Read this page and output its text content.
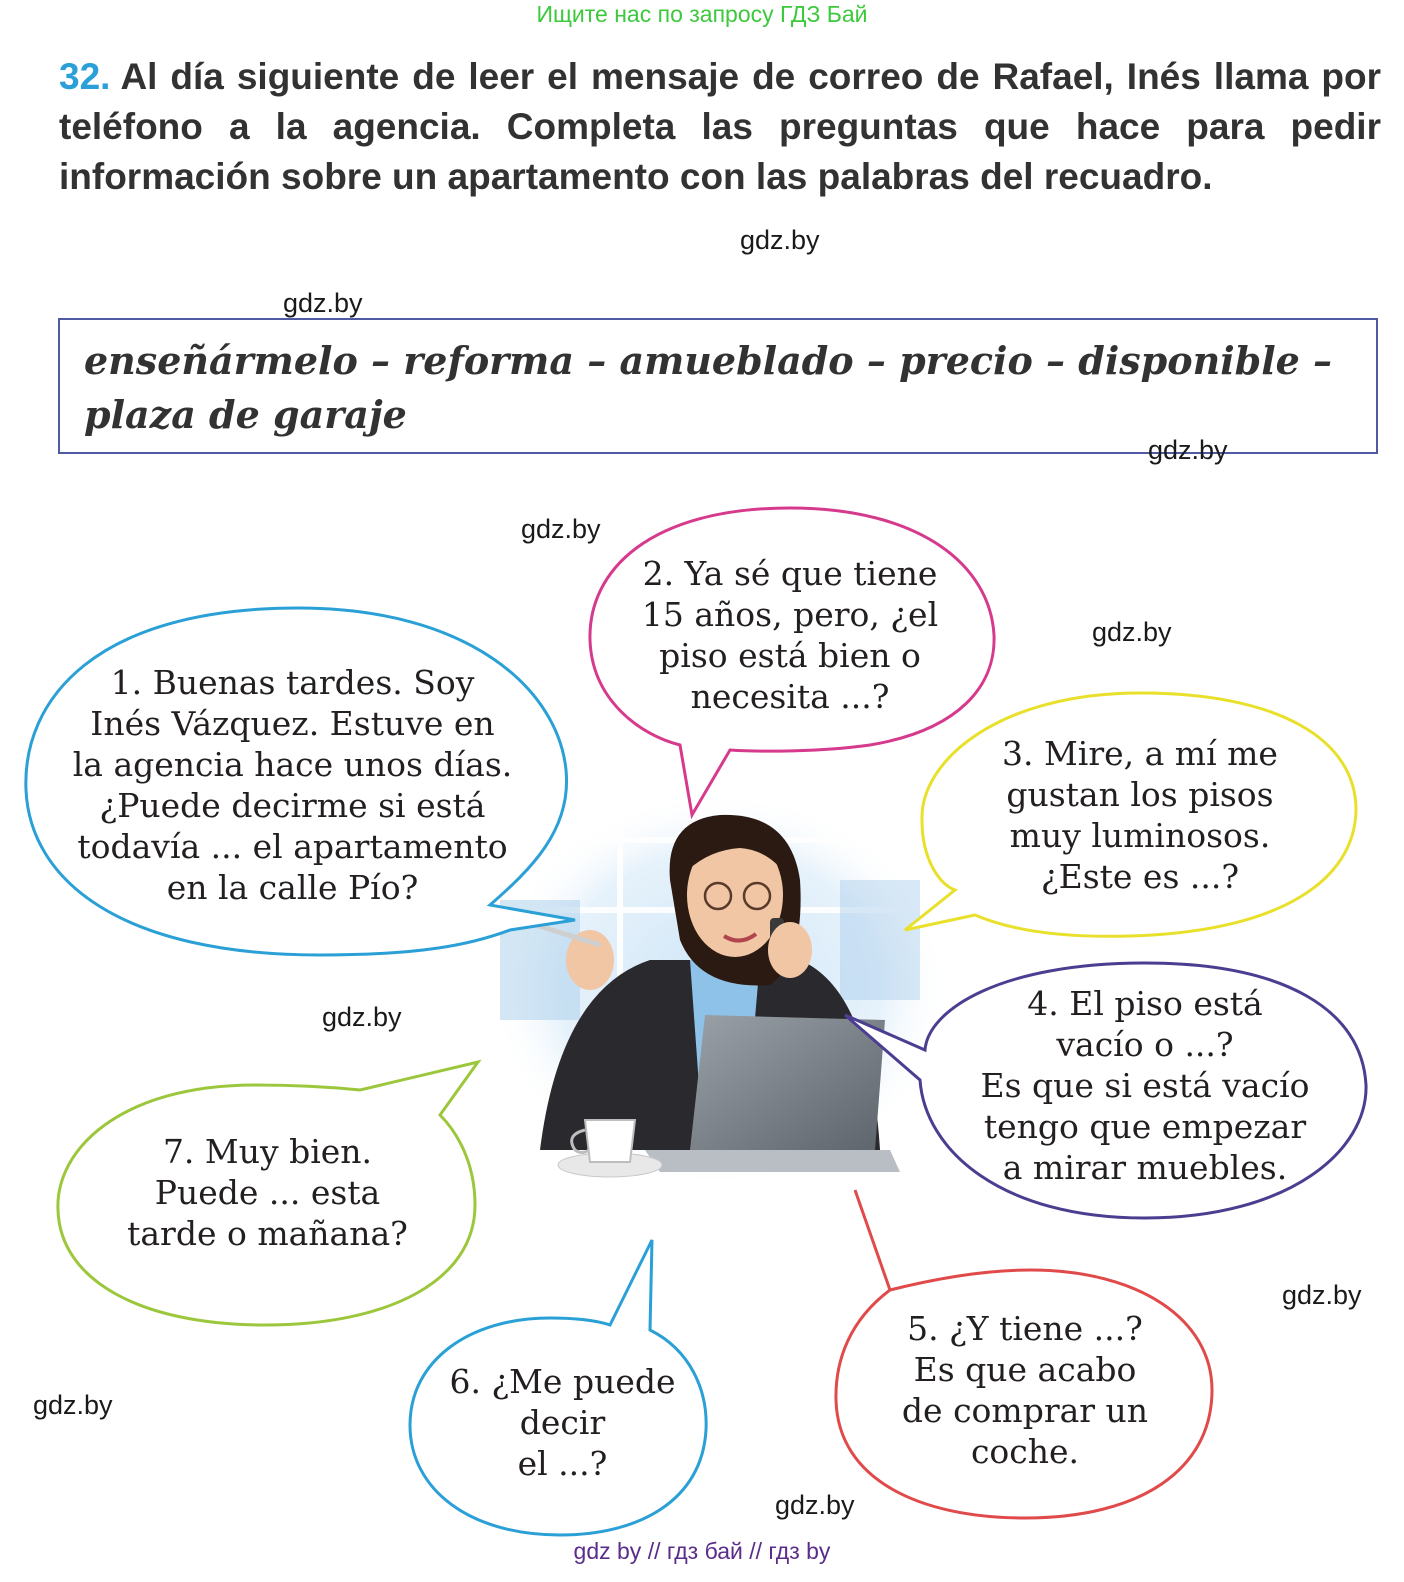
Ищите нас по запросу ГДЗ Бай
32. Al día siguiente de leer el mensaje de correo de Rafael, Inés llama por teléfono a la agencia. Completa las preguntas que hace para pedir información sobre un apartamento con las palabras del recuadro.
enseñármelo – reforma – amueblado – precio – disponible – plaza de garaje
1. Buenas tardes. Soy
Inés Vázquez. Estuve en
la agencia hace unos días.
¿Puede decirme si está
todavía ... el apartamento
en la calle Pío?
2. Ya sé que tiene
15 años, pero, ¿el
piso está bien o
necesita ...?
3. Mire, a mí me
gustan los pisos
muy luminosos.
¿Este es ...?
4. El piso está
vacío o ...?
Es que si está vacío
tengo que empezar
a mirar muebles.
5. ¿Y tiene ...?
Es que acabo
de comprar un
coche.
6. ¿Me puede
decir
el ...?
7. Muy bien.
Puede ... esta
tarde o mañana?
gdz.by
gdz.by
gdz.by
gdz.by
gdz.by
gdz.by
gdz.by
gdz.by
gdz.by
gdz by // гдз бай // гдз by
